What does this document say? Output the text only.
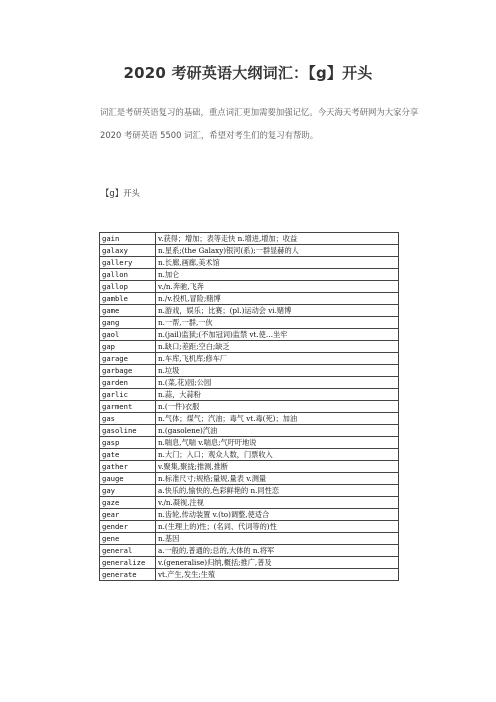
2020 考研英语大纲词汇：【g】开头

词汇是考研英语复习的基础，重点词汇更加需要加强记忆。今天海天考研网为大家分享 2020 考研英语 5500 词汇，希望对考生们的复习有帮助。

【g】开头

gain	v.获得；增加；表等走快 n.增进,增加；收益
galaxy	n.星系;(the Galaxy)银河(系);一群显赫的人
gallery	n.长廊,画廊,美术馆
gallon	n.加仑
gallop	v./n.奔驰,飞奔
gamble	n./v.投机,冒险;赌博
game	n.游戏，娱乐；比赛；(pl.)运动会 vi.赌博
gang	n.一帮,一群,一伙
gaol	n.(jail)监狱;(不加冠词)监禁 vt.使…坐牢
gap	n.缺口;差距;空白;缺乏
garage	n.车库,飞机库;修车厂
garbage	n.垃圾
garden	n.(菜,花)园;公园
garlic	n.蒜，大蒜粉
garment	n.(一件)衣服
gas	n.气体；煤气；汽油；毒气 vt.毒(死)；加油
gasoline	n.(gasolene)汽油
gasp	n.喘息,气喘 v.喘息;气吁吁地说
gate	n.大门；入口；观众人数，门票收入
gather	v.聚集,聚拢;推测,推断
gauge	n.标准尺寸;规格;量规,量表 v.测量
gay	a.快乐的,愉快的,色彩鲜艳的 n.同性恋
gaze	v./n.凝视,注视
gear	n.齿轮,传动装置 v.(to)调整,使适合
gender	n.(生理上的)性；(名词、代词等的)性
gene	n.基因
general	a.一般的,普通的;总的,大体的 n.将军
generalize	v.(generalise)归纳,概括;推广,普及
generate	vt.产生,发生;生殖
